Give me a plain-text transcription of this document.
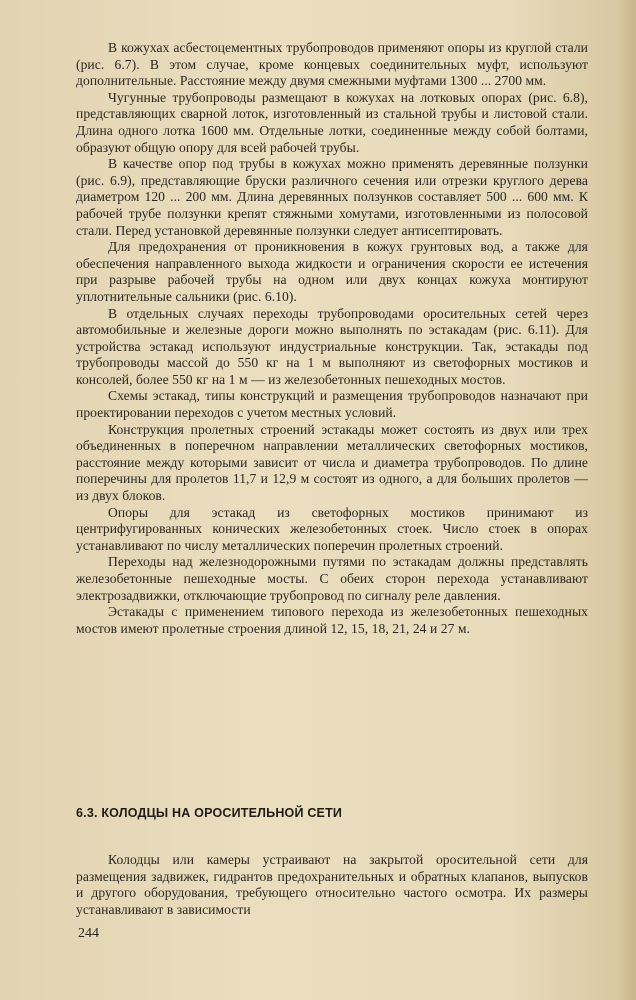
В кожухах асбестоцементных трубопроводов применяют опоры из круглой стали (рис. 6.7). В этом случае, кроме концевых соединительных муфт, используют дополнительные. Расстояние между двумя смежными муфтами 1300 ... 2700 мм.

Чугунные трубопроводы размещают в кожухах на лотковых опорах (рис. 6.8), представляющих сварной лоток, изготовленный из стальной трубы и листовой стали. Длина одного лотка 1600 мм. Отдельные лотки, соединенные между собой болтами, образуют общую опору для всей рабочей трубы.

В качестве опор под трубы в кожухах можно применять деревянные ползунки (рис. 6.9), представляющие бруски различного сечения или отрезки круглого дерева диаметром 120 ... 200 мм. Длина деревянных ползунков составляет 500 ... 600 мм. К рабочей трубе ползунки крепят стяжными хомутами, изготовленными из полосовой стали. Перед установкой деревянные ползунки следует антисептировать.

Для предохранения от проникновения в кожух грунтовых вод, а также для обеспечения направленного выхода жидкости и ограничения скорости ее истечения при разрыве рабочей трубы на одном или двух концах кожуха монтируют уплотнительные сальники (рис. 6.10).

В отдельных случаях переходы трубопроводами оросительных сетей через автомобильные и железные дороги можно выполнять по эстакадам (рис. 6.11). Для устройства эстакад используют индустриальные конструкции. Так, эстакады под трубопроводы массой до 550 кг на 1 м выполняют из светофорных мостиков и консолей, более 550 кг на 1 м — из железобетонных пешеходных мостов.

Схемы эстакад, типы конструкций и размещения трубопроводов назначают при проектировании переходов с учетом местных условий.

Конструкция пролетных строений эстакады может состоять из двух или трех объединенных в поперечном направлении металлических светофорных мостиков, расстояние между которыми зависит от числа и диаметра трубопроводов. По длине поперечины для пролетов 11,7 и 12,9 м состоят из одного, а для больших пролетов — из двух блоков.

Опоры для эстакад из светофорных мостиков принимают из центрифугированных конических железобетонных стоек. Число стоек в опорах устанавливают по числу металлических поперечин пролетных строений.

Переходы над железнодорожными путями по эстакадам должны представлять железобетонные пешеходные мосты. С обеих сторон перехода устанавливают электрозадвижки, отключающие трубопровод по сигналу реле давления.

Эстакады с применением типового перехода из железобетонных пешеходных мостов имеют пролетные строения длиной 12, 15, 18, 21, 24 и 27 м.

6.3. КОЛОДЦЫ НА ОРОСИТЕЛЬНОЙ СЕТИ

Колодцы или камеры устраивают на закрытой оросительной сети для размещения задвижек, гидрантов предохранительных и обратных клапанов, выпусков и другого оборудования, требующего относительно частого осмотра. Их размеры устанавливают в зависимости

244
